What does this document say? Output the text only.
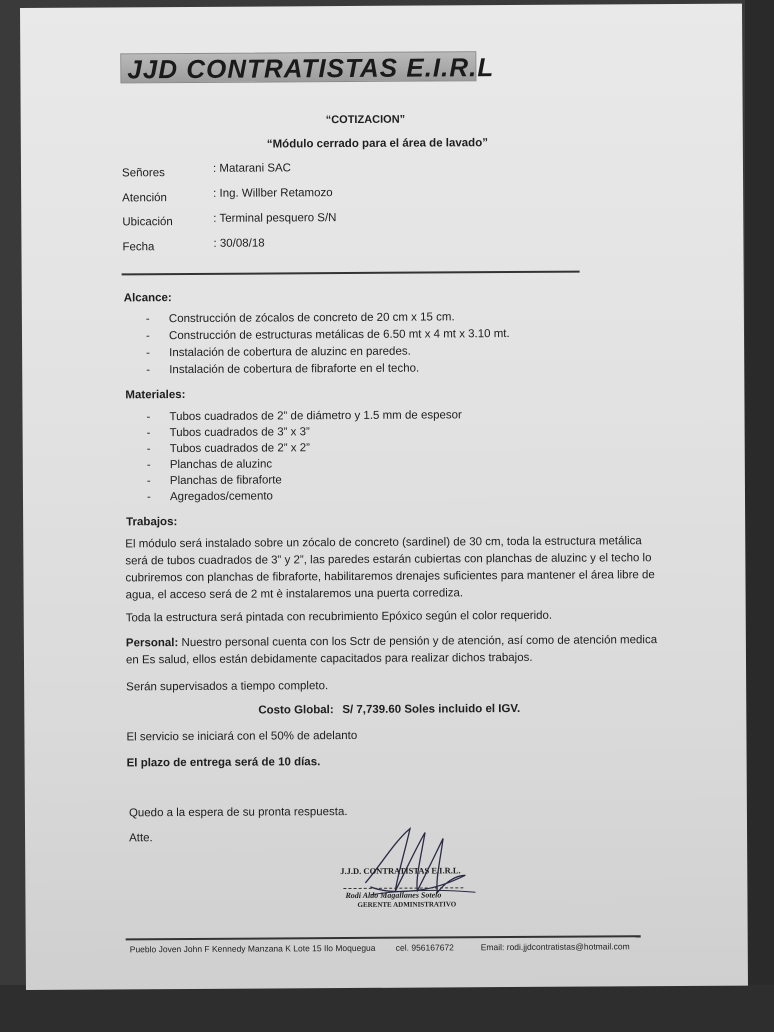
JJD CONTRATISTAS E.I.R.L
“COTIZACION”
“Módulo cerrado para el área de lavado”
Señores	: Matarani SAC
Atención	: Ing. Willber Retamozo
Ubicación	: Terminal pesquero S/N
Fecha	: 30/08/18
Alcance:
-      Construcción de zócalos de concreto de 20 cm x 15 cm.
-      Construcción de estructuras metálicas de 6.50 mt x 4 mt x 3.10 mt.
-      Instalación de cobertura de aluzinc en paredes.
-      Instalación de cobertura de fibraforte en el techo.
Materiales:
-      Tubos cuadrados de 2” de diámetro y 1.5 mm de espesor
-      Tubos cuadrados de 3” x 3”
-      Tubos cuadrados de 2” x 2”
-      Planchas de aluzinc
-      Planchas de fibraforte
-      Agregados/cemento
Trabajos:
El módulo será instalado sobre un zócalo de concreto (sardinel) de 30 cm, toda la estructura metálica
será de tubos cuadrados de 3” y 2”, las paredes estarán cubiertas con planchas de aluzinc y el techo lo
cubriremos con planchas de fibraforte, habilitaremos drenajes suficientes para mantener el área libre de
agua, el acceso será de 2 mt è instalaremos una puerta corrediza.
Toda la estructura será pintada con recubrimiento Epóxico según el color requerido.
Personal: Nuestro personal cuenta con los Sctr de pensión y de atención, así como de atención medica
en Es salud, ellos están debidamente capacitados para realizar dichos trabajos.
Serán supervisados a tiempo completo.
Costo Global: S/ 7,739.60 Soles incluido el IGV.
El servicio se iniciará con el 50% de adelanto
El plazo de entrega será de 10 días.
Quedo a la espera de su pronta respuesta.
Atte.
J.J.D. CONTRATISTAS E.I.R.L.
Rodi Aldo Magallanes Sotelo
GERENTE ADMINISTRATIVO
Pueblo Joven John F Kennedy Manzana K Lote 15 Ilo Moquegua cel. 956167672	Email: rodi.jjdcontratistas@hotmail.com
